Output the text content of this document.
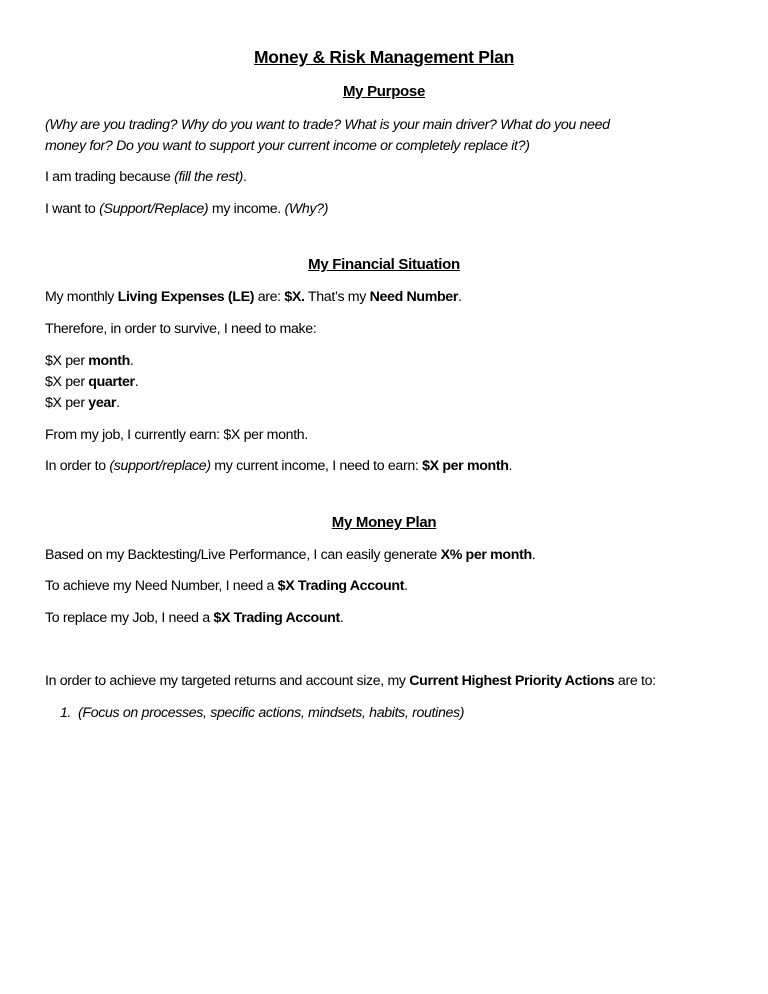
Money & Risk Management Plan
My Purpose
(Why are you trading? Why do you want to trade? What is your main driver? What do you need
money for? Do you want to support your current income or completely replace it?)
I am trading because (fill the rest).
I want to (Support/Replace) my income. (Why?)
My Financial Situation
My monthly Living Expenses (LE) are: $X. That’s my Need Number.
Therefore, in order to survive, I need to make:
$X per month.
$X per quarter.
$X per year.
From my job, I currently earn: $X per month.
In order to (support/replace) my current income, I need to earn: $X per month.
My Money Plan
Based on my Backtesting/Live Performance, I can easily generate X% per month.
To achieve my Need Number, I need a $X Trading Account.
To replace my Job, I need a $X Trading Account.
In order to achieve my targeted returns and account size, my Current Highest Priority Actions are to:
1. (Focus on processes, specific actions, mindsets, habits, routines)
